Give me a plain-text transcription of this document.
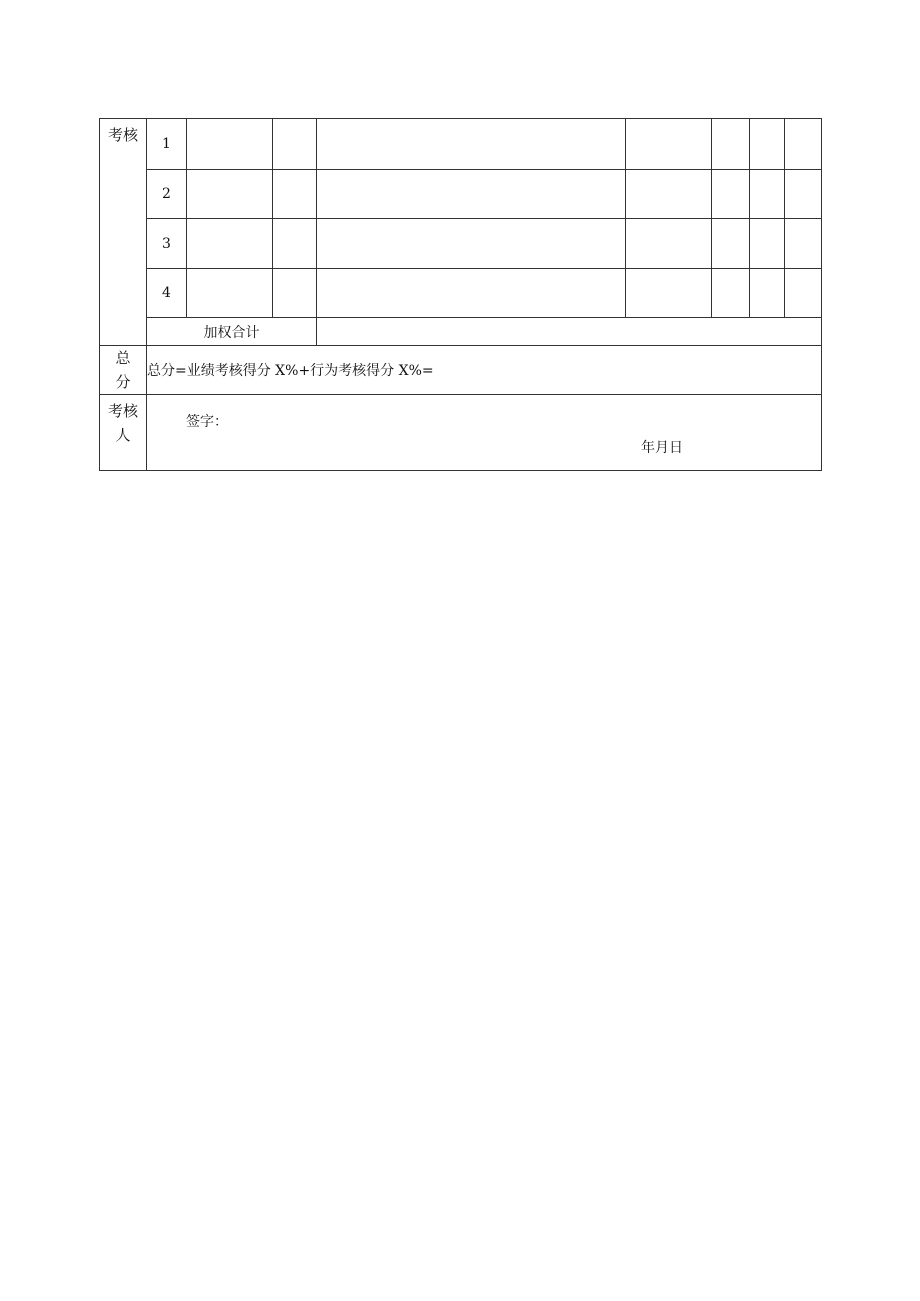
考核	1							
	2							
	3							
	4							
	加权合计							

总分	总分=业绩考核得分 X%+行为考核得分 X%=							

考核人	签字：
年月日							
